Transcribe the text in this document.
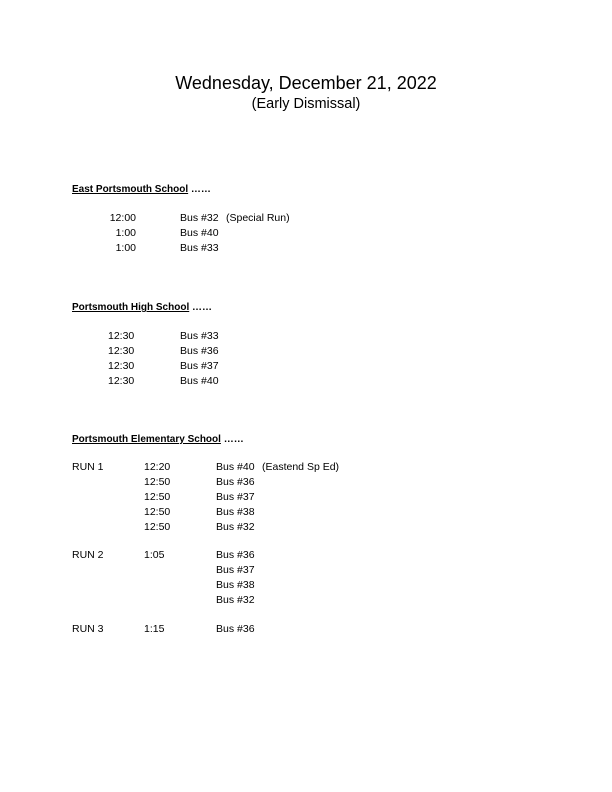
Wednesday, December 21, 2022
(Early Dismissal)
East Portsmouth School ……
12:00	Bus #32 (Special Run)
1:00	Bus #40
1:00	Bus #33
Portsmouth High School ……
12:30	Bus #33
12:30	Bus #36
12:30	Bus #37
12:30	Bus #40
Portsmouth Elementary School ……
RUN 1	12:20	Bus #40 (Eastend Sp Ed)
12:50	Bus #36
12:50	Bus #37
12:50	Bus #38
12:50	Bus #32
RUN 2	1:05	Bus #36
Bus #37
Bus #38
Bus #32
RUN 3	1:15	Bus #36
